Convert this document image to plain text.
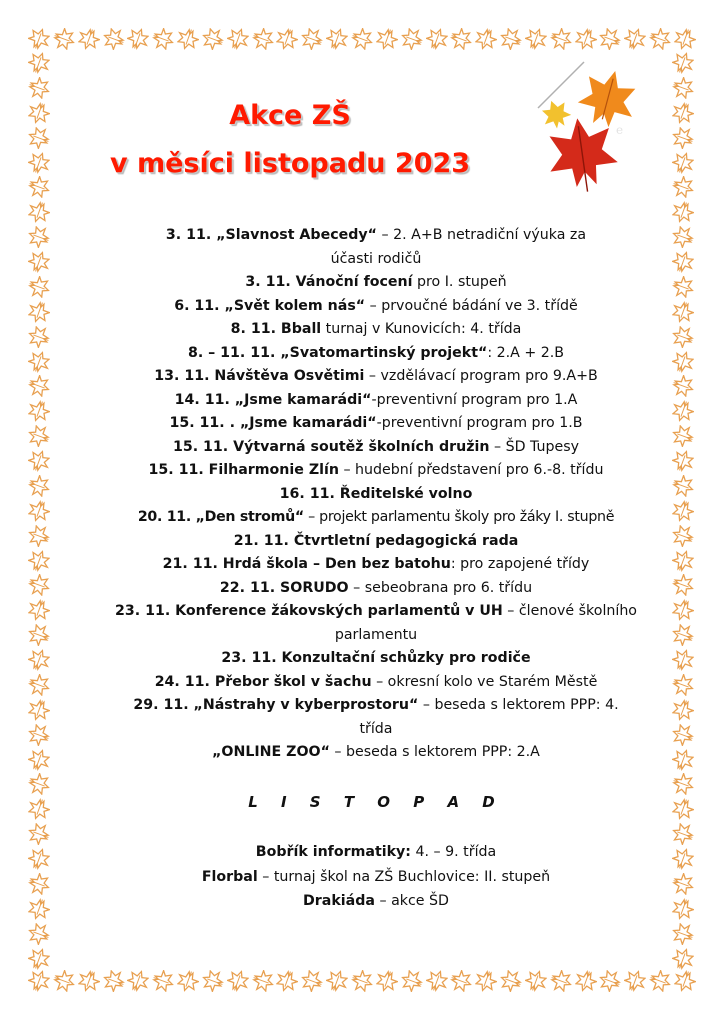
Akce ZŠ
v měsíci listopadu 2023
e
3. 11. „Slavnost Abecedy“ – 2. A+B netradiční výuka za účasti rodičů
3. 11. Vánoční focení pro I. stupeň
6. 11. „Svět kolem nás“ – prvoučné bádání ve 3. třídě
8. 11. Bball turnaj v Kunovicích: 4. třída
8. – 11. 11. „Svatomartinský projekt“: 2.A + 2.B
13. 11. Návštěva Osvětimi – vzdělávací program pro 9.A+B
14. 11. „Jsme kamarádi“-preventivní program pro 1.A
15. 11. . „Jsme kamarádi“-preventivní program pro 1.B
15. 11. Výtvarná soutěž školních družin – ŠD Tupesy
15. 11. Filharmonie Zlín – hudební představení pro 6.-8. třídu
16. 11. Ředitelské volno
20. 11. „Den stromů“ – projekt parlamentu školy pro žáky I. stupně
21. 11. Čtvrtletní pedagogická rada
21. 11. Hrdá škola – Den bez batohu: pro zapojené třídy
22. 11. SORUDO – sebeobrana pro 6. třídu
23. 11. Konference žákovských parlamentů v UH – členové školního parlamentu
23. 11. Konzultační schůzky pro rodiče
24. 11. Přebor škol v šachu – okresní kolo ve Starém Městě
29. 11. „Nástrahy v kyberprostoru“ – beseda s lektorem PPP: 4. třída
„ONLINE ZOO“ – beseda s lektorem PPP: 2.A
L I S T O P A D
Bobřík informatiky: 4. – 9. třída
Florbal – turnaj škol na ZŠ Buchlovice: II. stupeň
Drakiáda – akce ŠD
